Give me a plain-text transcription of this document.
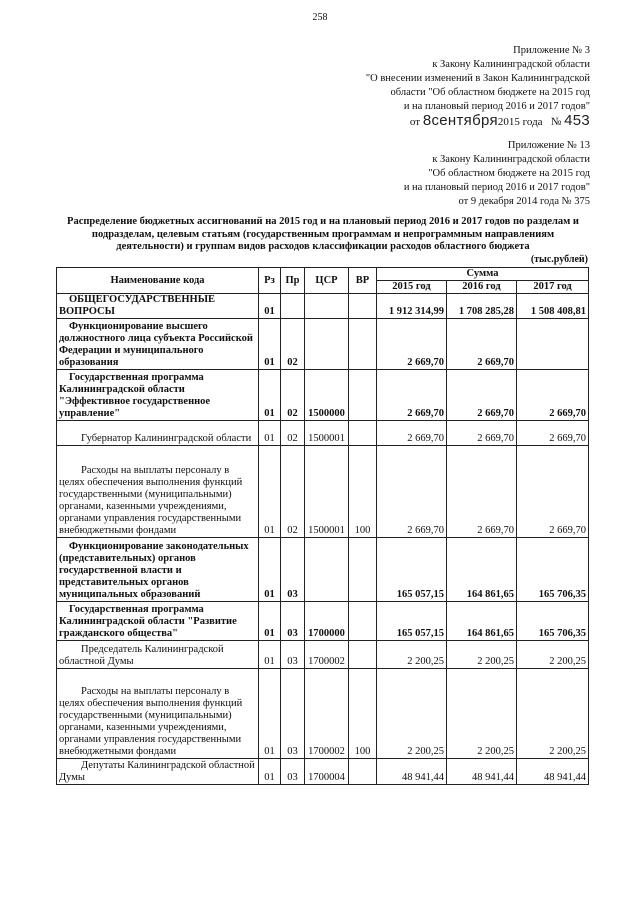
258
Приложение № 3
к Закону Калининградской области
"О внесении изменений в Закон Калининградской
области "Об областном бюджете на 2015 год
и на плановый период 2016 и 2017 годов"
от 8сентября2015 года № 453
Приложение № 13
к Закону Калининградской области
"Об областном бюджете на 2015 год
и на плановый период 2016 и 2017 годов"
от 9 декабря 2014 года № 375
Распределение бюджетных ассигнований на 2015 год и на плановый период 2016 и 2017 годов по разделам и
подразделам, целевым статьям (государственным программам и непрограммным направлениям
деятельности) и группам видов расходов классификации расходов областного бюджета
(тыс.рублей)
Наименование кода	Рз	Пр	ЦСР	ВР	Сумма		
					2015 год	2016 год	2017 год
ОБЩЕГОСУДАРСТВЕННЫЕ ВОПРОСЫ	01				1 912 314,99	1 708 285,28	1 508 408,81
Функционирование высшего должностного лица субъекта Российской Федерации и муниципального образования	01	02			2 669,70	2 669,70	
Государственная программа Калининградской области "Эффективное государственное управление"	01	02	1500000		2 669,70	2 669,70	2 669,70
Губернатор Калининградской области	01	02	1500001		2 669,70	2 669,70	2 669,70
Расходы на выплаты персоналу в целях обеспечения выполнения функций государственными (муниципальными) органами, казенными учреждениями, органами управления государственными внебюджетными фондами	01	02	1500001	100	2 669,70	2 669,70	2 669,70
Функционирование законодательных (представительных) органов государственной власти и представительных органов муниципальных образований	01	03			165 057,15	164 861,65	165 706,35
Государственная программа Калининградской области "Развитие гражданского общества"	01	03	1700000		165 057,15	164 861,65	165 706,35
Председатель Калининградской областной Думы	01	03	1700002		2 200,25	2 200,25	2 200,25
Расходы на выплаты персоналу в целях обеспечения выполнения функций государственными (муниципальными) органами, казенными учреждениями, органами управления государственными внебюджетными фондами	01	03	1700002	100	2 200,25	2 200,25	2 200,25
Депутаты Калининградской областной Думы	01	03	1700004		48 941,44	48 941,44	48 941,44
